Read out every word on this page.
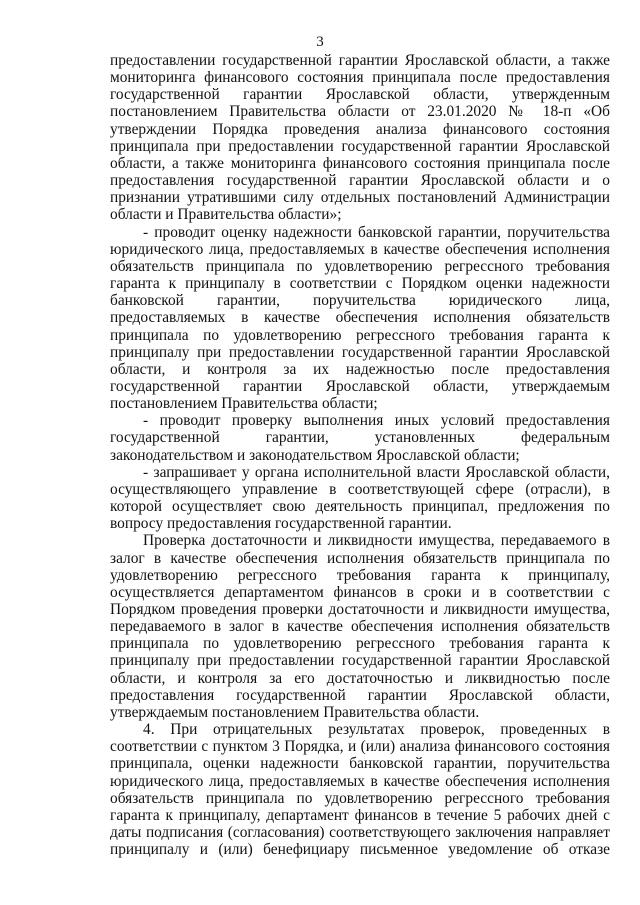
3

предоставлении государственной гарантии Ярославской области, а также мониторинга финансового состояния принципала после предоставления государственной гарантии Ярославской области, утвержденным постановлением Правительства области от 23.01.2020 № 18-п «Об утверждении Порядка проведения анализа финансового состояния принципала при предоставлении государственной гарантии Ярославской области, а также мониторинга финансового состояния принципала после предоставления государственной гарантии Ярославской области и о признании утратившими силу отдельных постановлений Администрации области и Правительства области»;

- проводит оценку надежности банковской гарантии, поручительства юридического лица, предоставляемых в качестве обеспечения исполнения обязательств принципала по удовлетворению регрессного требования гаранта к принципалу в соответствии с Порядком оценки надежности банковской гарантии, поручительства юридического лица, предоставляемых в качестве обеспечения исполнения обязательств принципала по удовлетворению регрессного требования гаранта к принципалу при предоставлении государственной гарантии Ярославской области, и контроля за их надежностью после предоставления государственной гарантии Ярославской области, утверждаемым постановлением Правительства области;

- проводит проверку выполнения иных условий предоставления государственной гарантии, установленных федеральным законодательством и законодательством Ярославской области;

- запрашивает у органа исполнительной власти Ярославской области, осуществляющего управление в соответствующей сфере (отрасли), в которой осуществляет свою деятельность принципал, предложения по вопросу предоставления государственной гарантии.

Проверка достаточности и ликвидности имущества, передаваемого в залог в качестве обеспечения исполнения обязательств принципала по удовлетворению регрессного требования гаранта к принципалу, осуществляется департаментом финансов в сроки и в соответствии с Порядком проведения проверки достаточности и ликвидности имущества, передаваемого в залог в качестве обеспечения исполнения обязательств принципала по удовлетворению регрессного требования гаранта к принципалу при предоставлении государственной гарантии Ярославской области, и контроля за его достаточностью и ликвидностью после предоставления государственной гарантии Ярославской области, утверждаемым постановлением Правительства области.

4. При отрицательных результатах проверок, проведенных в соответствии с пунктом 3 Порядка, и (или) анализа финансового состояния принципала, оценки надежности банковской гарантии, поручительства юридического лица, предоставляемых в качестве обеспечения исполнения обязательств принципала по удовлетворению регрессного требования гаранта к принципалу, департамент финансов в течение 5 рабочих дней с даты подписания (согласования) соответствующего заключения направляет принципалу и (или) бенефициару письменное уведомление об отказе
